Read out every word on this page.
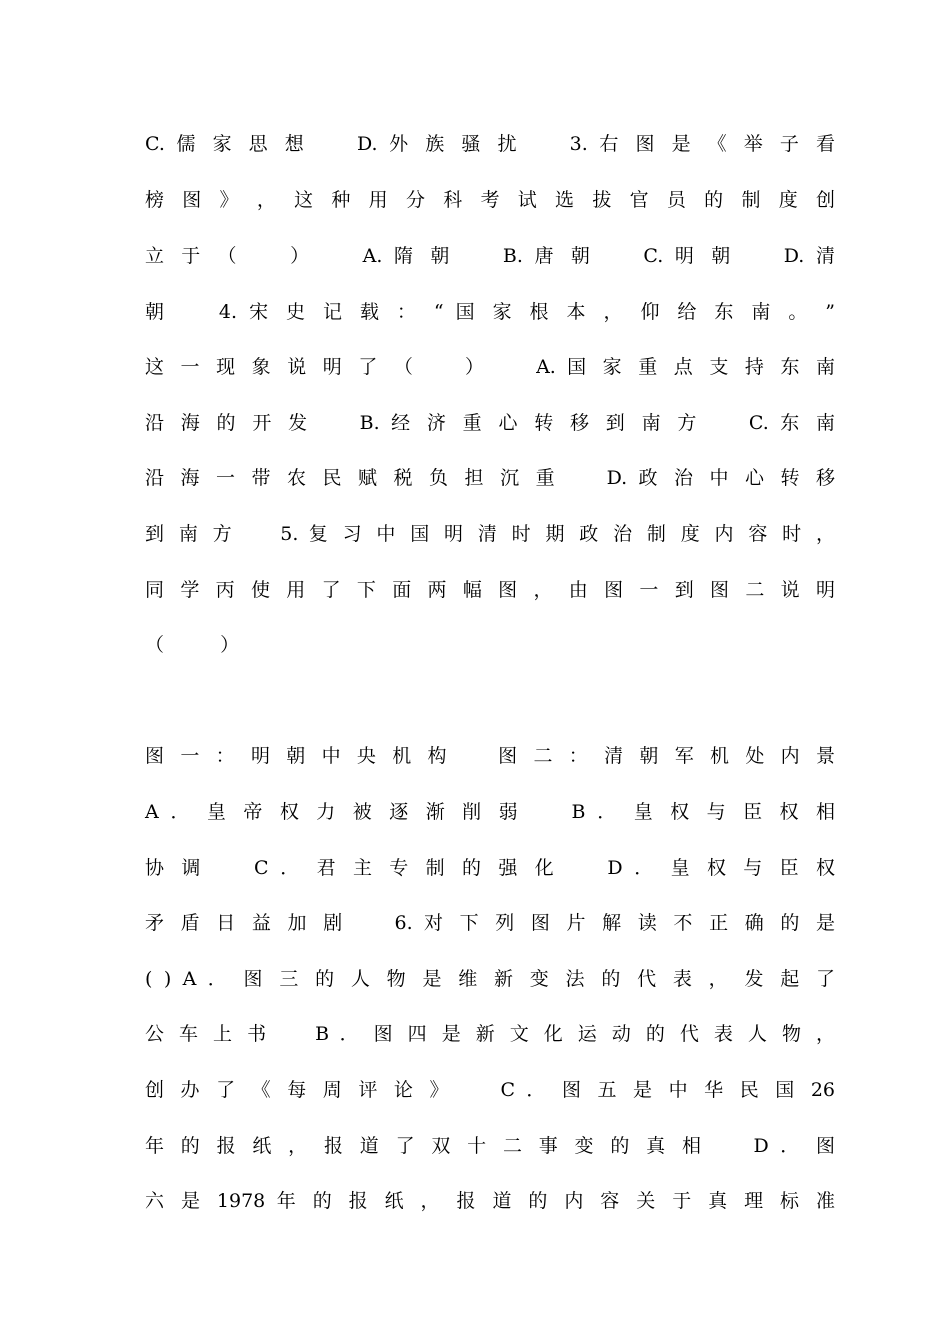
C. 儒 家 思 想 　 D. 外 族 骚 扰 　 3. 右 图 是 《 举 子 看
榜 图 》 ， 这 种 用 分 科 考 试 选 拔 官 员 的 制 度 创
立 于 （ 　 ） 　 A. 隋 朝 　 B. 唐 朝 　 C. 明 朝 　 D. 清
朝 　 4. 宋 史 记 载 ： “ 国 家 根 本 ， 仰 给 东 南 。 ”
这 一 现 象 说 明 了 （ 　 ） 　 A. 国 家 重 点 支 持 东 南
沿 海 的 开 发 　 B. 经 济 重 心 转 移 到 南 方 　 C. 东 南
沿 海 一 带 农 民 赋 税 负 担 沉 重 　 D. 政 治 中 心 转 移
到 南 方 　 5. 复 习 中 国 明 清 时 期 政 治 制 度 内 容 时 ，
同 学 丙 使 用 了 下 面 两 幅 图 ， 由 图 一 到 图 二 说 明
（ 　 　 ）
图 一 ： 明 朝 中 央 机 构 　 图 二 ： 清 朝 军 机 处 内 景
A ． 皇 帝 权 力 被 逐 渐 削 弱 　 B ． 皇 权 与 臣 权 相
协 调 　 C ． 君 主 专 制 的 强 化 　 D ． 皇 权 与 臣 权
矛 盾 日 益 加 剧 　 6. 对 下 列 图 片 解 读 不 正 确 的 是
( ) A ． 图 三 的 人 物 是 维 新 变 法 的 代 表 ， 发 起 了
公 车 上 书 　 B ． 图 四 是 新 文 化 运 动 的 代 表 人 物 ，
创 办 了 《 每 周 评 论 》 　 C ． 图 五 是 中 华 民 国 26
年 的 报 纸 ， 报 道 了 双 十 二 事 变 的 真 相 　 D ． 图
六 是 1978 年 的 报 纸 ， 报 道 的 内 容 关 于 真 理 标 准
